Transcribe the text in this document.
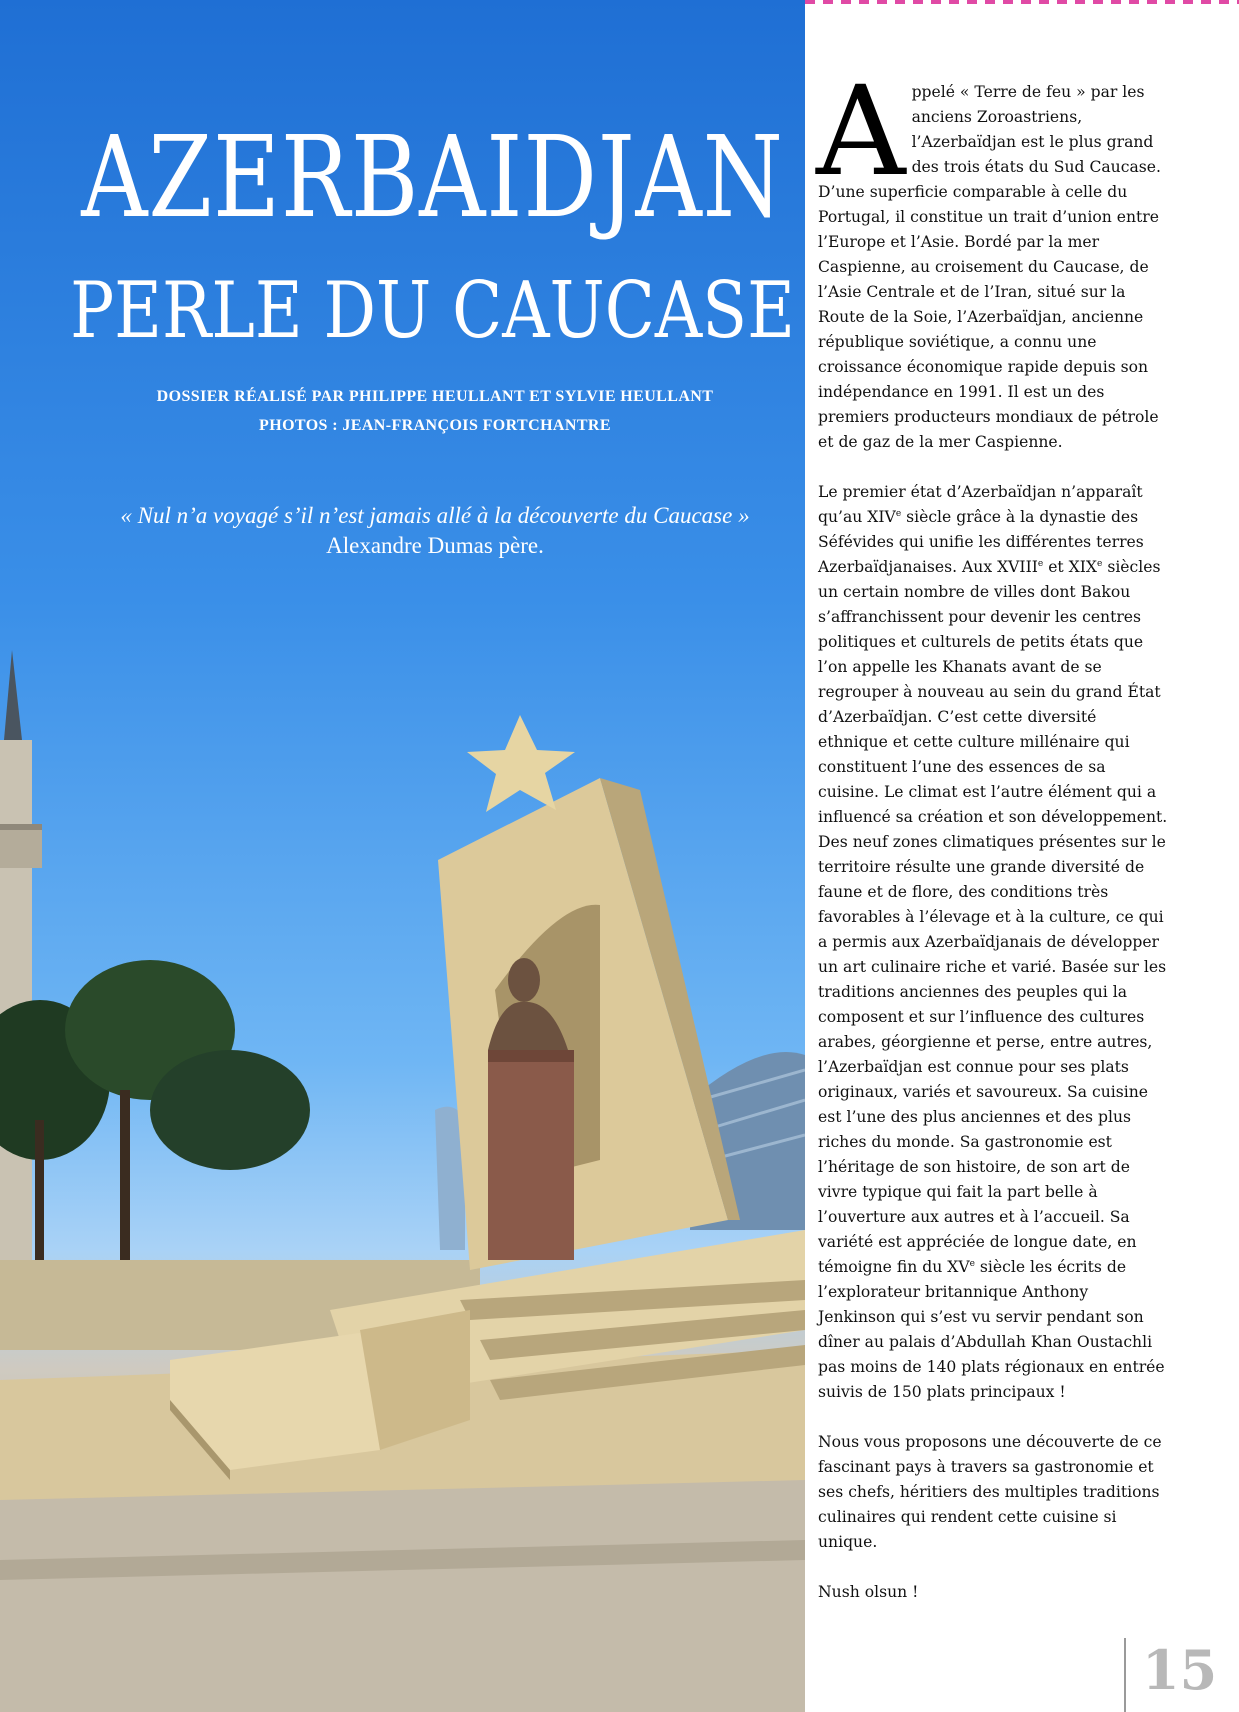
AZERBAIDJAN
PERLE DU CAUCASE
DOSSIER RÉALISÉ PAR PHILIPPE HEULLANT ET SYLVIE HEULLANT
PHOTOS : JEAN-FRANÇOIS FORTCHANTRE
« Nul n’a voyagé s’il n’est jamais allé à la découverte du Caucase »
Alexandre Dumas père.

Appelé « Terre de feu » par les anciens Zoroastriens, l’Azerbaïdjan est le plus grand des trois états du Sud Caucase. D’une superficie comparable à celle du Portugal, il constitue un trait d’union entre l’Europe et l’Asie. Bordé par la mer Caspienne, au croisement du Caucase, de l’Asie Centrale et de l’Iran, situé sur la Route de la Soie, l’Azerbaïdjan, ancienne république soviétique, a connu une croissance économique rapide depuis son indépendance en 1991. Il est un des premiers producteurs mondiaux de pétrole et de gaz de la mer Caspienne.

Le premier état d’Azerbaïdjan n’apparaît qu’au XIVe siècle grâce à la dynastie des Séfévides qui unifie les différentes terres Azerbaïdjanaises. Aux XVIIIe et XIXe siècles un certain nombre de villes dont Bakou s’affranchissent pour devenir les centres politiques et culturels de petits états que l’on appelle les Khanats avant de se regrouper à nouveau au sein du grand État d’Azerbaïdjan. C’est cette diversité ethnique et cette culture millénaire qui constituent l’une des essences de sa cuisine. Le climat est l’autre élément qui a influencé sa création et son développement. Des neuf zones climatiques présentes sur le territoire résulte une grande diversité de faune et de flore, des conditions très favorables à l’élevage et à la culture, ce qui a permis aux Azerbaïdjanais de développer un art culinaire riche et varié. Basée sur les traditions anciennes des peuples qui la composent et sur l’influence des cultures arabes, géorgienne et perse, entre autres, l’Azerbaïdjan est connue pour ses plats originaux, variés et savoureux. Sa cuisine est l’une des plus anciennes et des plus riches du monde. Sa gastronomie est l’héritage de son histoire, de son art de vivre typique qui fait la part belle à l’ouverture aux autres et à l’accueil. Sa variété est appréciée de longue date, en témoigne fin du XVe siècle les écrits de l’explorateur britannique Anthony Jenkinson qui s’est vu servir pendant son dîner au palais d’Abdullah Khan Oustachli pas moins de 140 plats régionaux en entrée suivis de 150 plats principaux !

Nous vous proposons une découverte de ce fascinant pays à travers sa gastronomie et ses chefs, héritiers des multiples traditions culinaires qui rendent cette cuisine si unique.

Nush olsun !

15
